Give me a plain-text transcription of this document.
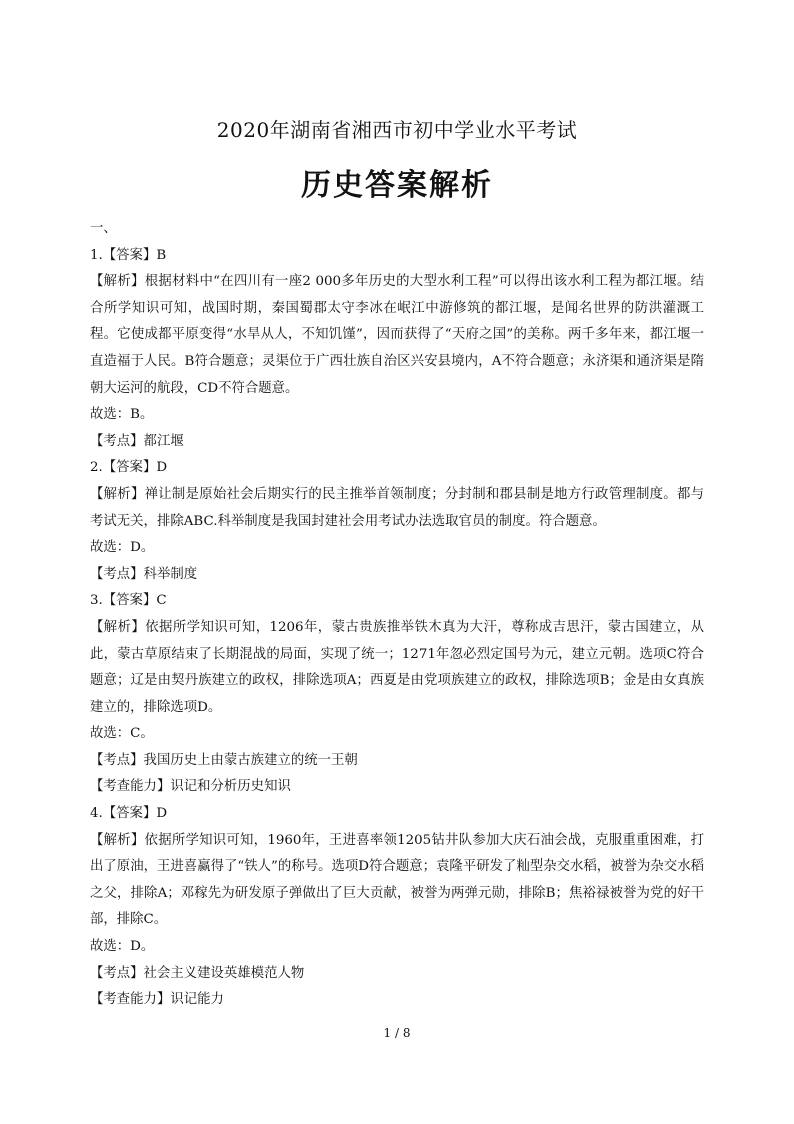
2020年湖南省湘西市初中学业水平考试
历史答案解析

一、

1.【答案】B

【解析】根据材料中“在四川有一座2 000多年历史的大型水利工程”可以得出该水利工程为都江堰。结合所学知识可知，战国时期，秦国蜀郡太守李冰在岷江中游修筑的都江堰，是闻名世界的防洪灌溉工程。它使成都平原变得“水旱从人，不知饥馑”，因而获得了“天府之国”的美称。两千多年来，都江堰一直造福于人民。B符合题意；灵渠位于广西壮族自治区兴安县境内，A不符合题意；永济渠和通济渠是隋朝大运河的航段，CD不符合题意。

故选：B。

【考点】都江堰

2.【答案】D

【解析】禅让制是原始社会后期实行的民主推举首领制度；分封制和郡县制是地方行政管理制度。都与考试无关，排除ABC.科举制度是我国封建社会用考试办法选取官员的制度。符合题意。

故选：D。

【考点】科举制度

3.【答案】C

【解析】依据所学知识可知，1206年，蒙古贵族推举铁木真为大汗，尊称成吉思汗，蒙古国建立，从此，蒙古草原结束了长期混战的局面，实现了统一；1271年忽必烈定国号为元，建立元朝。选项C符合题意；辽是由契丹族建立的政权，排除选项A；西夏是由党项族建立的政权，排除选项B；金是由女真族建立的，排除选项D。

故选：C。

【考点】我国历史上由蒙古族建立的统一王朝

【考查能力】识记和分析历史知识

4.【答案】D

【解析】依据所学知识可知，1960年，王进喜率领1205钻井队参加大庆石油会战，克服重重困难，打出了原油，王进喜赢得了“铁人”的称号。选项D符合题意；袁隆平研发了籼型杂交水稻，被誉为杂交水稻之父，排除A；邓稼先为研发原子弹做出了巨大贡献，被誉为两弹元勋，排除B；焦裕禄被誉为党的好干部，排除C。

故选：D。

【考点】社会主义建设英雄模范人物

【考查能力】识记能力

1 / 8
